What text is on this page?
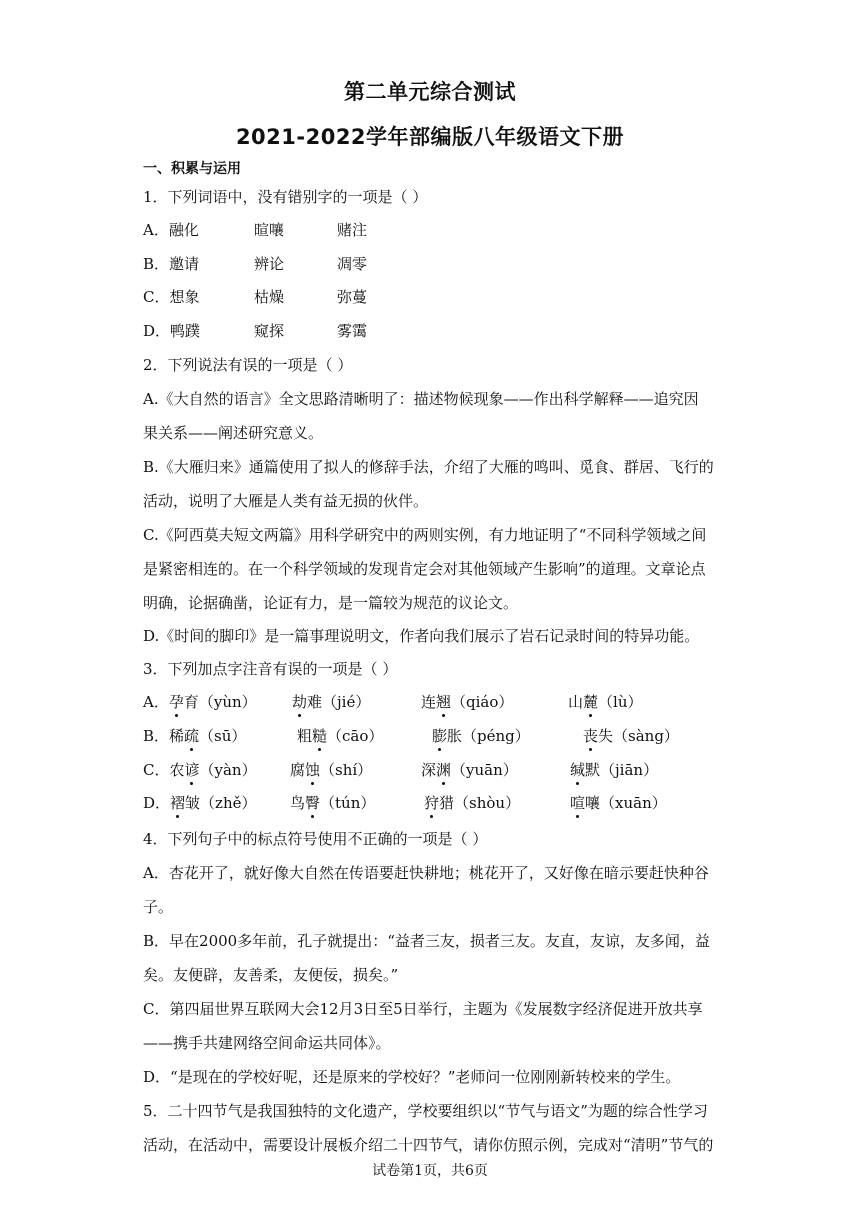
第二单元综合测试
2021-2022学年部编版八年级语文下册
一、积累与运用
1．下列词语中，没有错别字的一项是（ ）
A．融化	暄嚷	赌注
B．邀请	辨论	凋零
C．想象	枯燥	弥蔓
D．鸭蹼	窥探	雾霭
2．下列说法有误的一项是（ ）
A.《大自然的语言》全文思路清晰明了：描述物候现象——作出科学解释——追究因
果关系——阐述研究意义。
B.《大雁归来》通篇使用了拟人的修辞手法，介绍了大雁的鸣叫、觅食、群居、飞行的
活动，说明了大雁是人类有益无损的伙伴。
C.《阿西莫夫短文两篇》用科学研究中的两则实例，有力地证明了“不同科学领域之间
是紧密相连的。在一个科学领域的发现肯定会对其他领域产生影响”的道理。文章论点
明确，论据确凿，论证有力，是一篇较为规范的议论文。
D.《时间的脚印》是一篇事理说明文，作者向我们展示了岩石记录时间的特异功能。
3．下列加点字注音有误的一项是（ ）
A．孕育（yùn） 劫难（jié）	连翘（qiáo）	山麓（lù）
B．稀疏（sū）	粗糙（cāo）	膨胀（péng）	丧失（sàng）
C．农谚（yàn） 腐蚀（shí）	深渊（yuān）	缄默（jiān）
D．褶皱（zhě） 鸟臀（tún）	狩猎（shòu）	喧嚷（xuān）
4．下列句子中的标点符号使用不正确的一项是（ ）
A．杏花开了，就好像大自然在传语要赶快耕地；桃花开了，又好像在暗示要赶快种谷
子。
B．早在2000多年前，孔子就提出：“益者三友，损者三友。友直，友谅，友多闻，益
矣。友便辟，友善柔，友便佞，损矣。”
C．第四届世界互联网大会12月3日至5日举行，主题为《发展数字经济促进开放共享
——携手共建网络空间命运共同体》。
D．“是现在的学校好呢，还是原来的学校好？”老师问一位刚刚新转校来的学生。
5．二十四节气是我国独特的文化遗产，学校要组织以“节气与语文”为题的综合性学习
活动，在活动中，需要设计展板介绍二十四节气，请你仿照示例，完成对“清明”节气的
试卷第1页，共6页
